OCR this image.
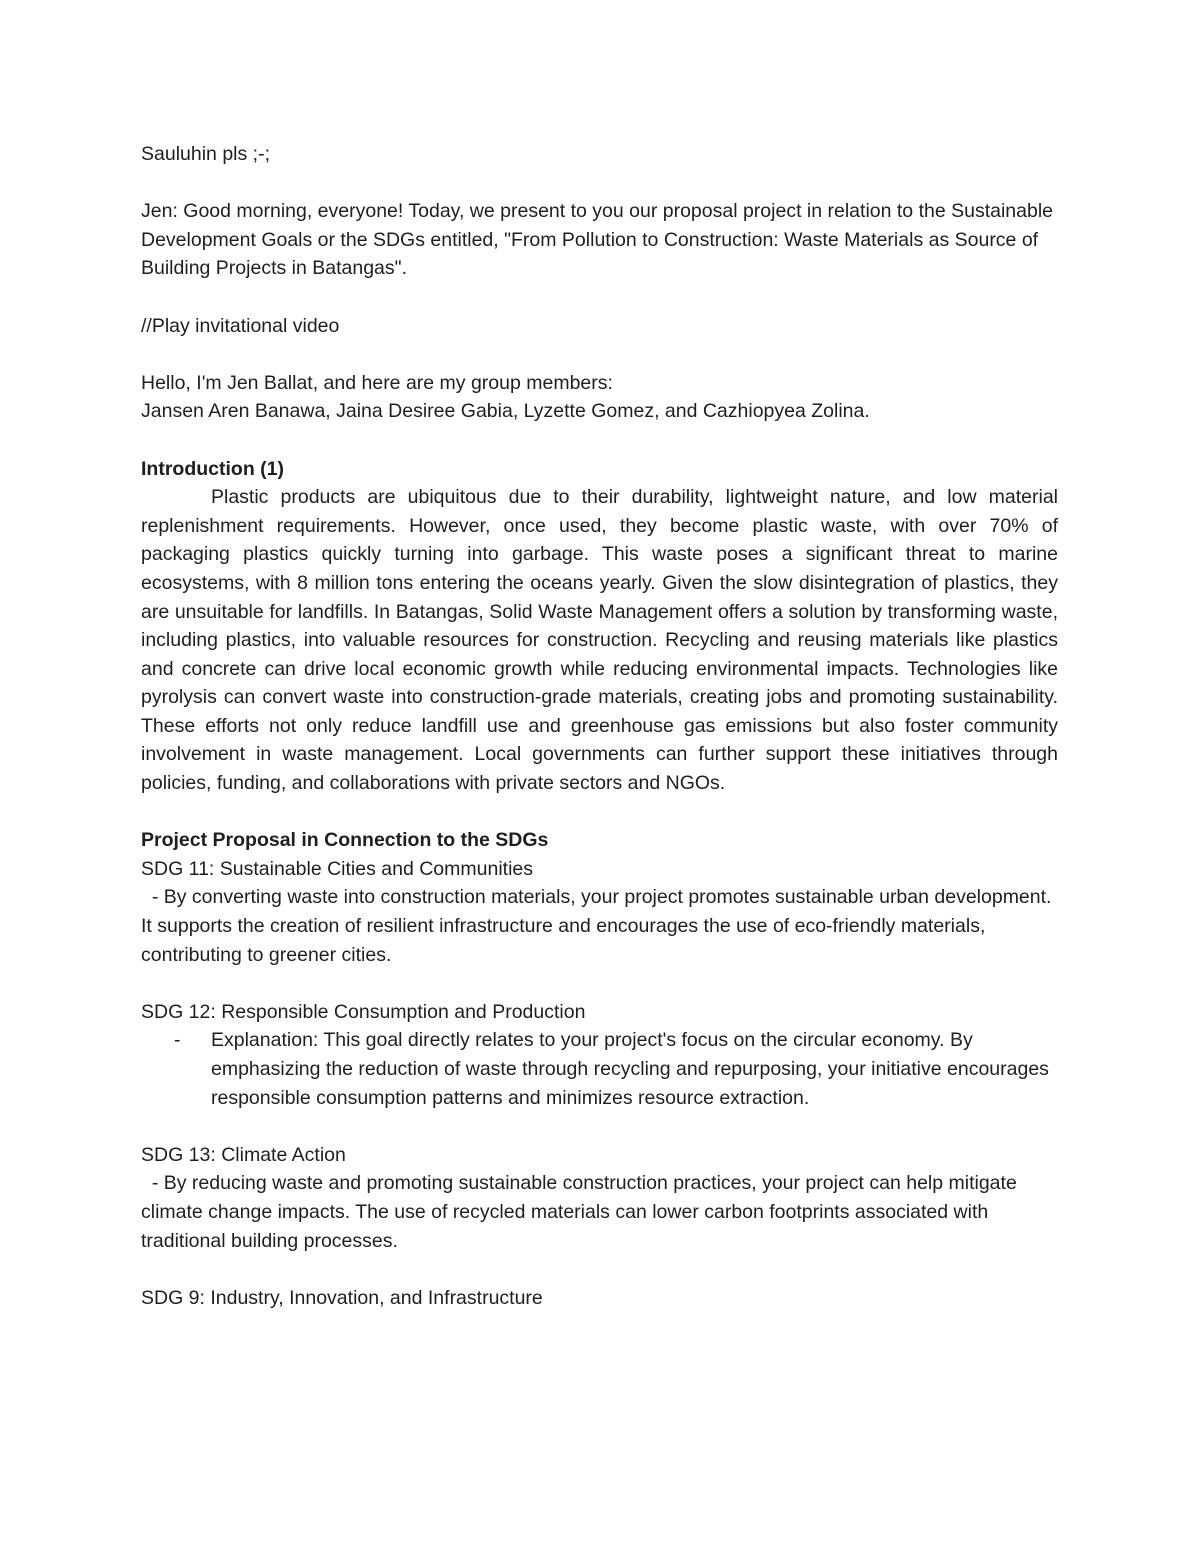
Sauluhin pls ;-;

Jen: Good morning, everyone! Today, we present to you our proposal project in relation to the Sustainable Development Goals or the SDGs entitled, "From Pollution to Construction: Waste Materials as Source of Building Projects in Batangas".

//Play invitational video

Hello, I'm Jen Ballat, and here are my group members:

Jansen Aren Banawa, Jaina Desiree Gabia, Lyzette Gomez, and Cazhiopyea Zolina.

Introduction (1)

Plastic products are ubiquitous due to their durability, lightweight nature, and low material replenishment requirements. However, once used, they become plastic waste, with over 70% of packaging plastics quickly turning into garbage. This waste poses a significant threat to marine ecosystems, with 8 million tons entering the oceans yearly. Given the slow disintegration of plastics, they are unsuitable for landfills. In Batangas, Solid Waste Management offers a solution by transforming waste, including plastics, into valuable resources for construction. Recycling and reusing materials like plastics and concrete can drive local economic growth while reducing environmental impacts. Technologies like pyrolysis can convert waste into construction-grade materials, creating jobs and promoting sustainability. These efforts not only reduce landfill use and greenhouse gas emissions but also foster community involvement in waste management. Local governments can further support these initiatives through policies, funding, and collaborations with private sectors and NGOs.

Project Proposal in Connection to the SDGs

SDG 11: Sustainable Cities and Communities

- By converting waste into construction materials, your project promotes sustainable urban development. It supports the creation of resilient infrastructure and encourages the use of eco-friendly materials, contributing to greener cities.

SDG 12: Responsible Consumption and Production

- Explanation: This goal directly relates to your project's focus on the circular economy. By emphasizing the reduction of waste through recycling and repurposing, your initiative encourages responsible consumption patterns and minimizes resource extraction.

SDG 13: Climate Action

- By reducing waste and promoting sustainable construction practices, your project can help mitigate climate change impacts. The use of recycled materials can lower carbon footprints associated with traditional building processes.

SDG 9: Industry, Innovation, and Infrastructure
